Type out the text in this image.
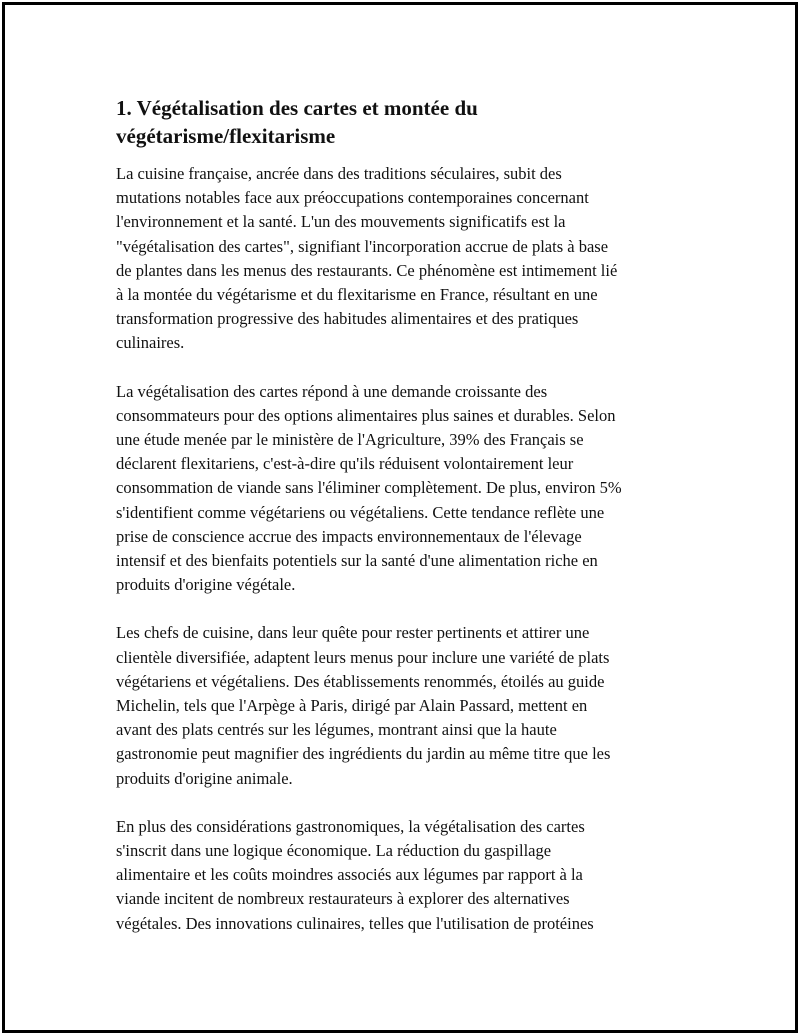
1. Végétalisation des cartes et montée du
végétarisme/flexitarisme

La cuisine française, ancrée dans des traditions séculaires, subit des
mutations notables face aux préoccupations contemporaines concernant
l'environnement et la santé. L'un des mouvements significatifs est la
"végétalisation des cartes", signifiant l'incorporation accrue de plats à base
de plantes dans les menus des restaurants. Ce phénomène est intimement lié
à la montée du végétarisme et du flexitarisme en France, résultant en une
transformation progressive des habitudes alimentaires et des pratiques
culinaires.

La végétalisation des cartes répond à une demande croissante des
consommateurs pour des options alimentaires plus saines et durables. Selon
une étude menée par le ministère de l'Agriculture, 39% des Français se
déclarent flexitariens, c'est-à-dire qu'ils réduisent volontairement leur
consommation de viande sans l'éliminer complètement. De plus, environ 5%
s'identifient comme végétariens ou végétaliens. Cette tendance reflète une
prise de conscience accrue des impacts environnementaux de l'élevage
intensif et des bienfaits potentiels sur la santé d'une alimentation riche en
produits d'origine végétale.

Les chefs de cuisine, dans leur quête pour rester pertinents et attirer une
clientèle diversifiée, adaptent leurs menus pour inclure une variété de plats
végétariens et végétaliens. Des établissements renommés, étoilés au guide
Michelin, tels que l'Arpège à Paris, dirigé par Alain Passard, mettent en
avant des plats centrés sur les légumes, montrant ainsi que la haute
gastronomie peut magnifier des ingrédients du jardin au même titre que les
produits d'origine animale.

En plus des considérations gastronomiques, la végétalisation des cartes
s'inscrit dans une logique économique. La réduction du gaspillage
alimentaire et les coûts moindres associés aux légumes par rapport à la
viande incitent de nombreux restaurateurs à explorer des alternatives
végétales. Des innovations culinaires, telles que l'utilisation de protéines
